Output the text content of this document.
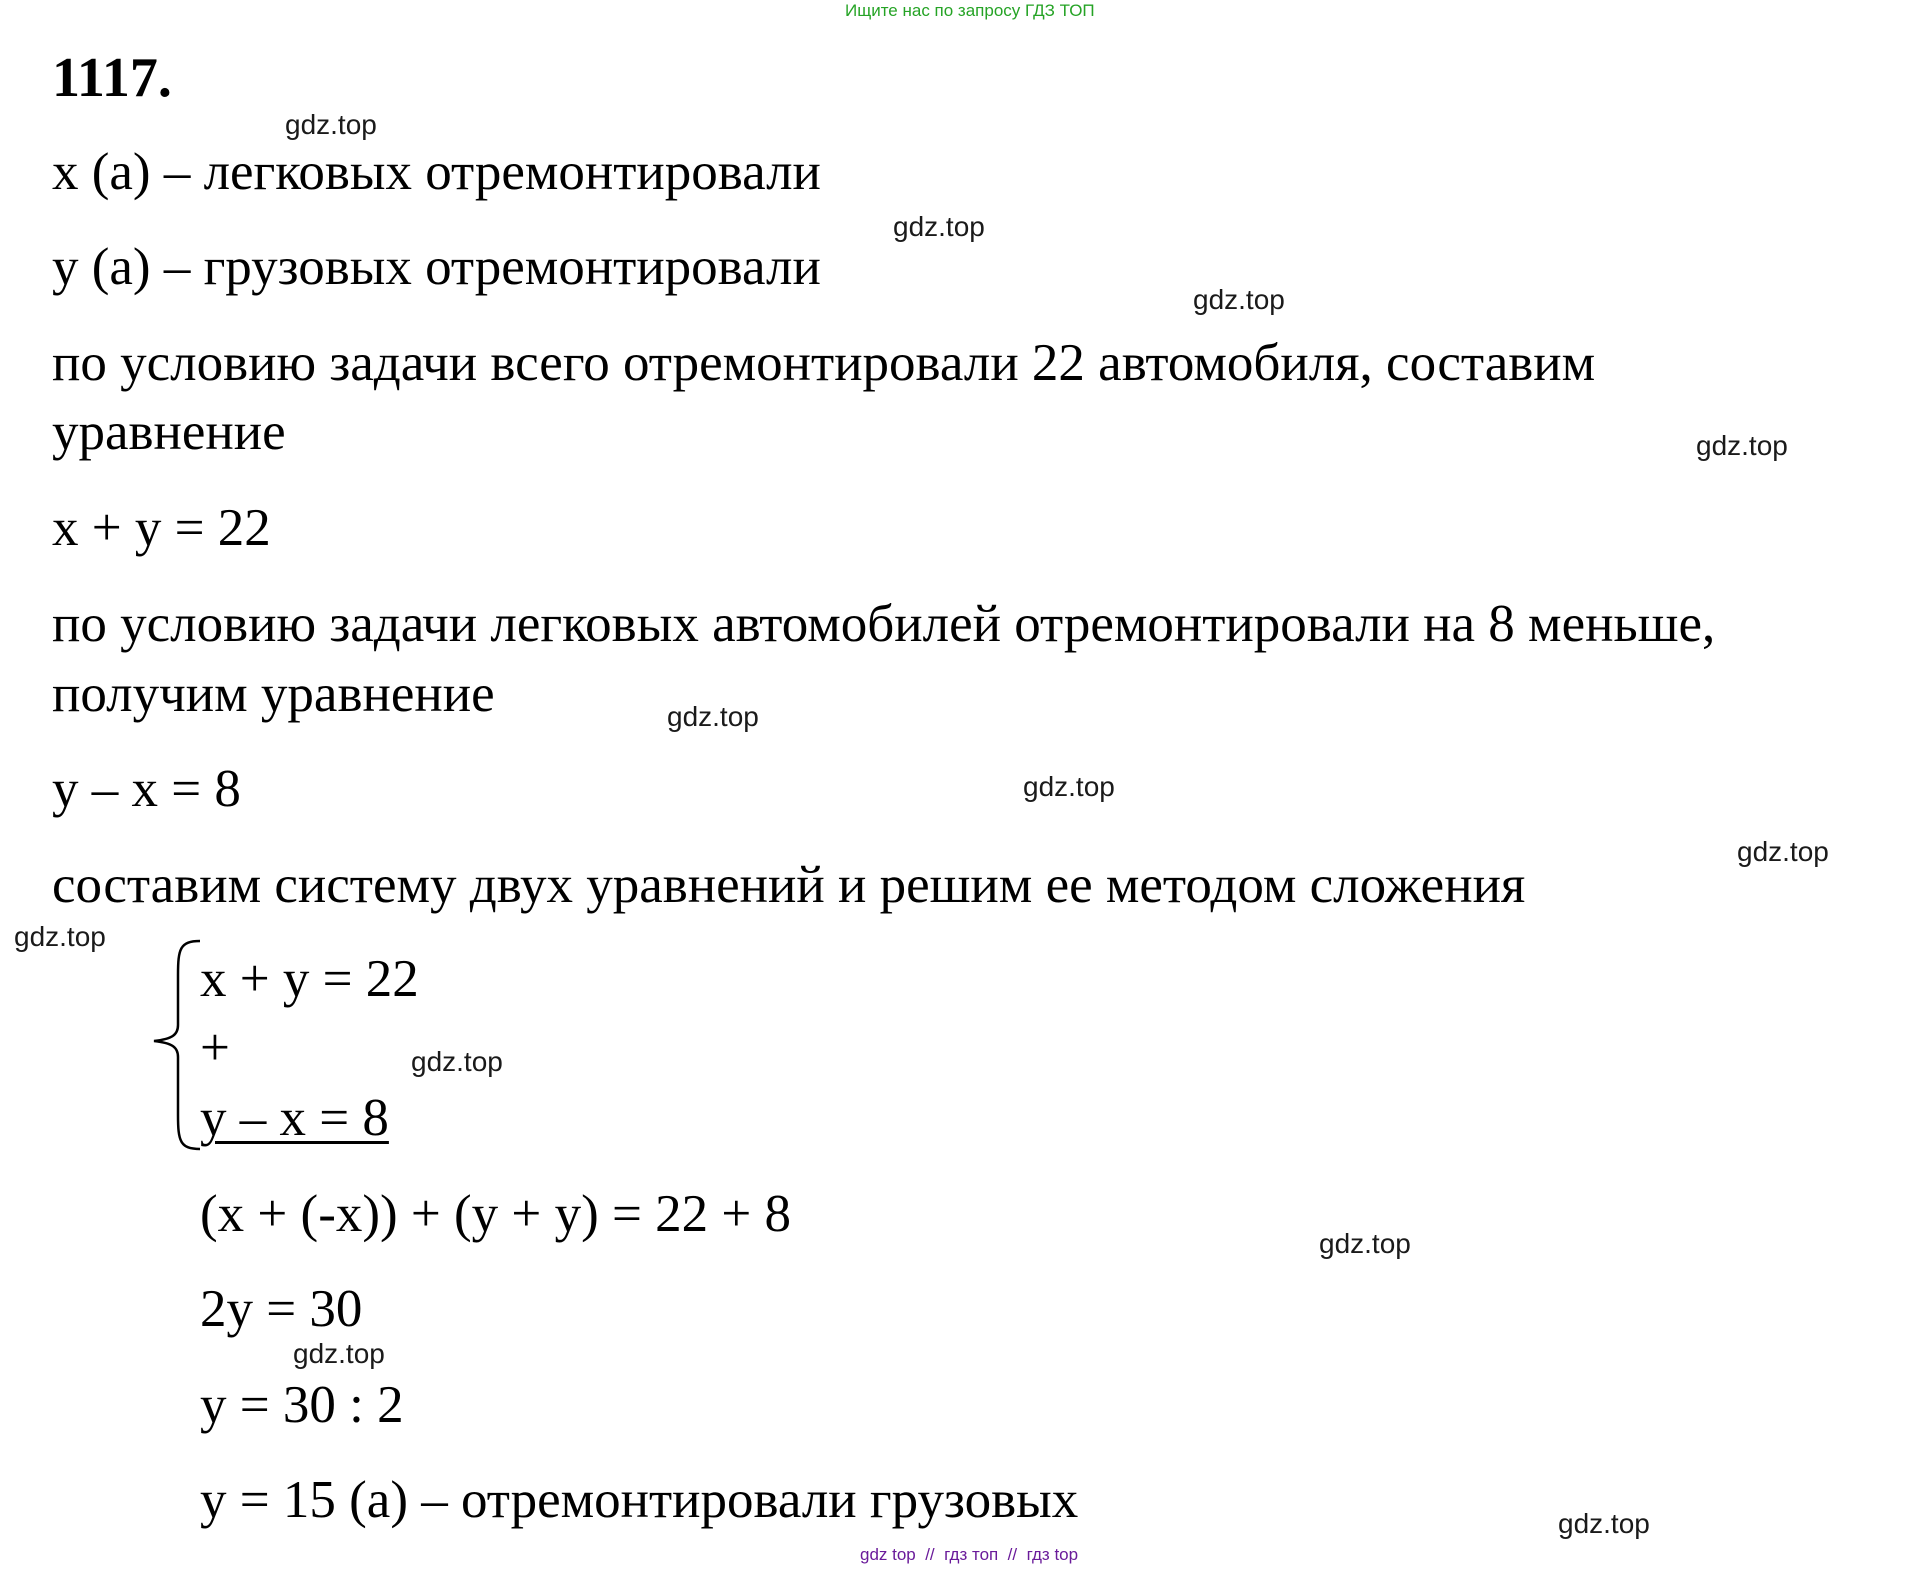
Ищите нас по запросу ГДЗ ТОП
1117.
x (a) – легковых отремонтировали
y (a) – грузовых отремонтировали
по условию задачи всего отремонтировали 22 автомобиля, составим
уравнение
x + y = 22
по условию задачи легковых автомобилей отремонтировали на 8 меньше,
получим уравнение
y – x = 8
составим систему двух уравнений и решим ее методом сложения
x + y = 22
+
y – x = 8
(x + (-x)) + (y + y) = 22 + 8
2y = 30
y = 30 : 2
y = 15 (a) – отремонтировали грузовых
gdz.top
gdz.top
gdz.top
gdz.top
gdz.top
gdz.top
gdz.top
gdz.top
gdz.top
gdz.top
gdz.top
gdz.top
gdz top  //  гдз топ  //  гдз top
